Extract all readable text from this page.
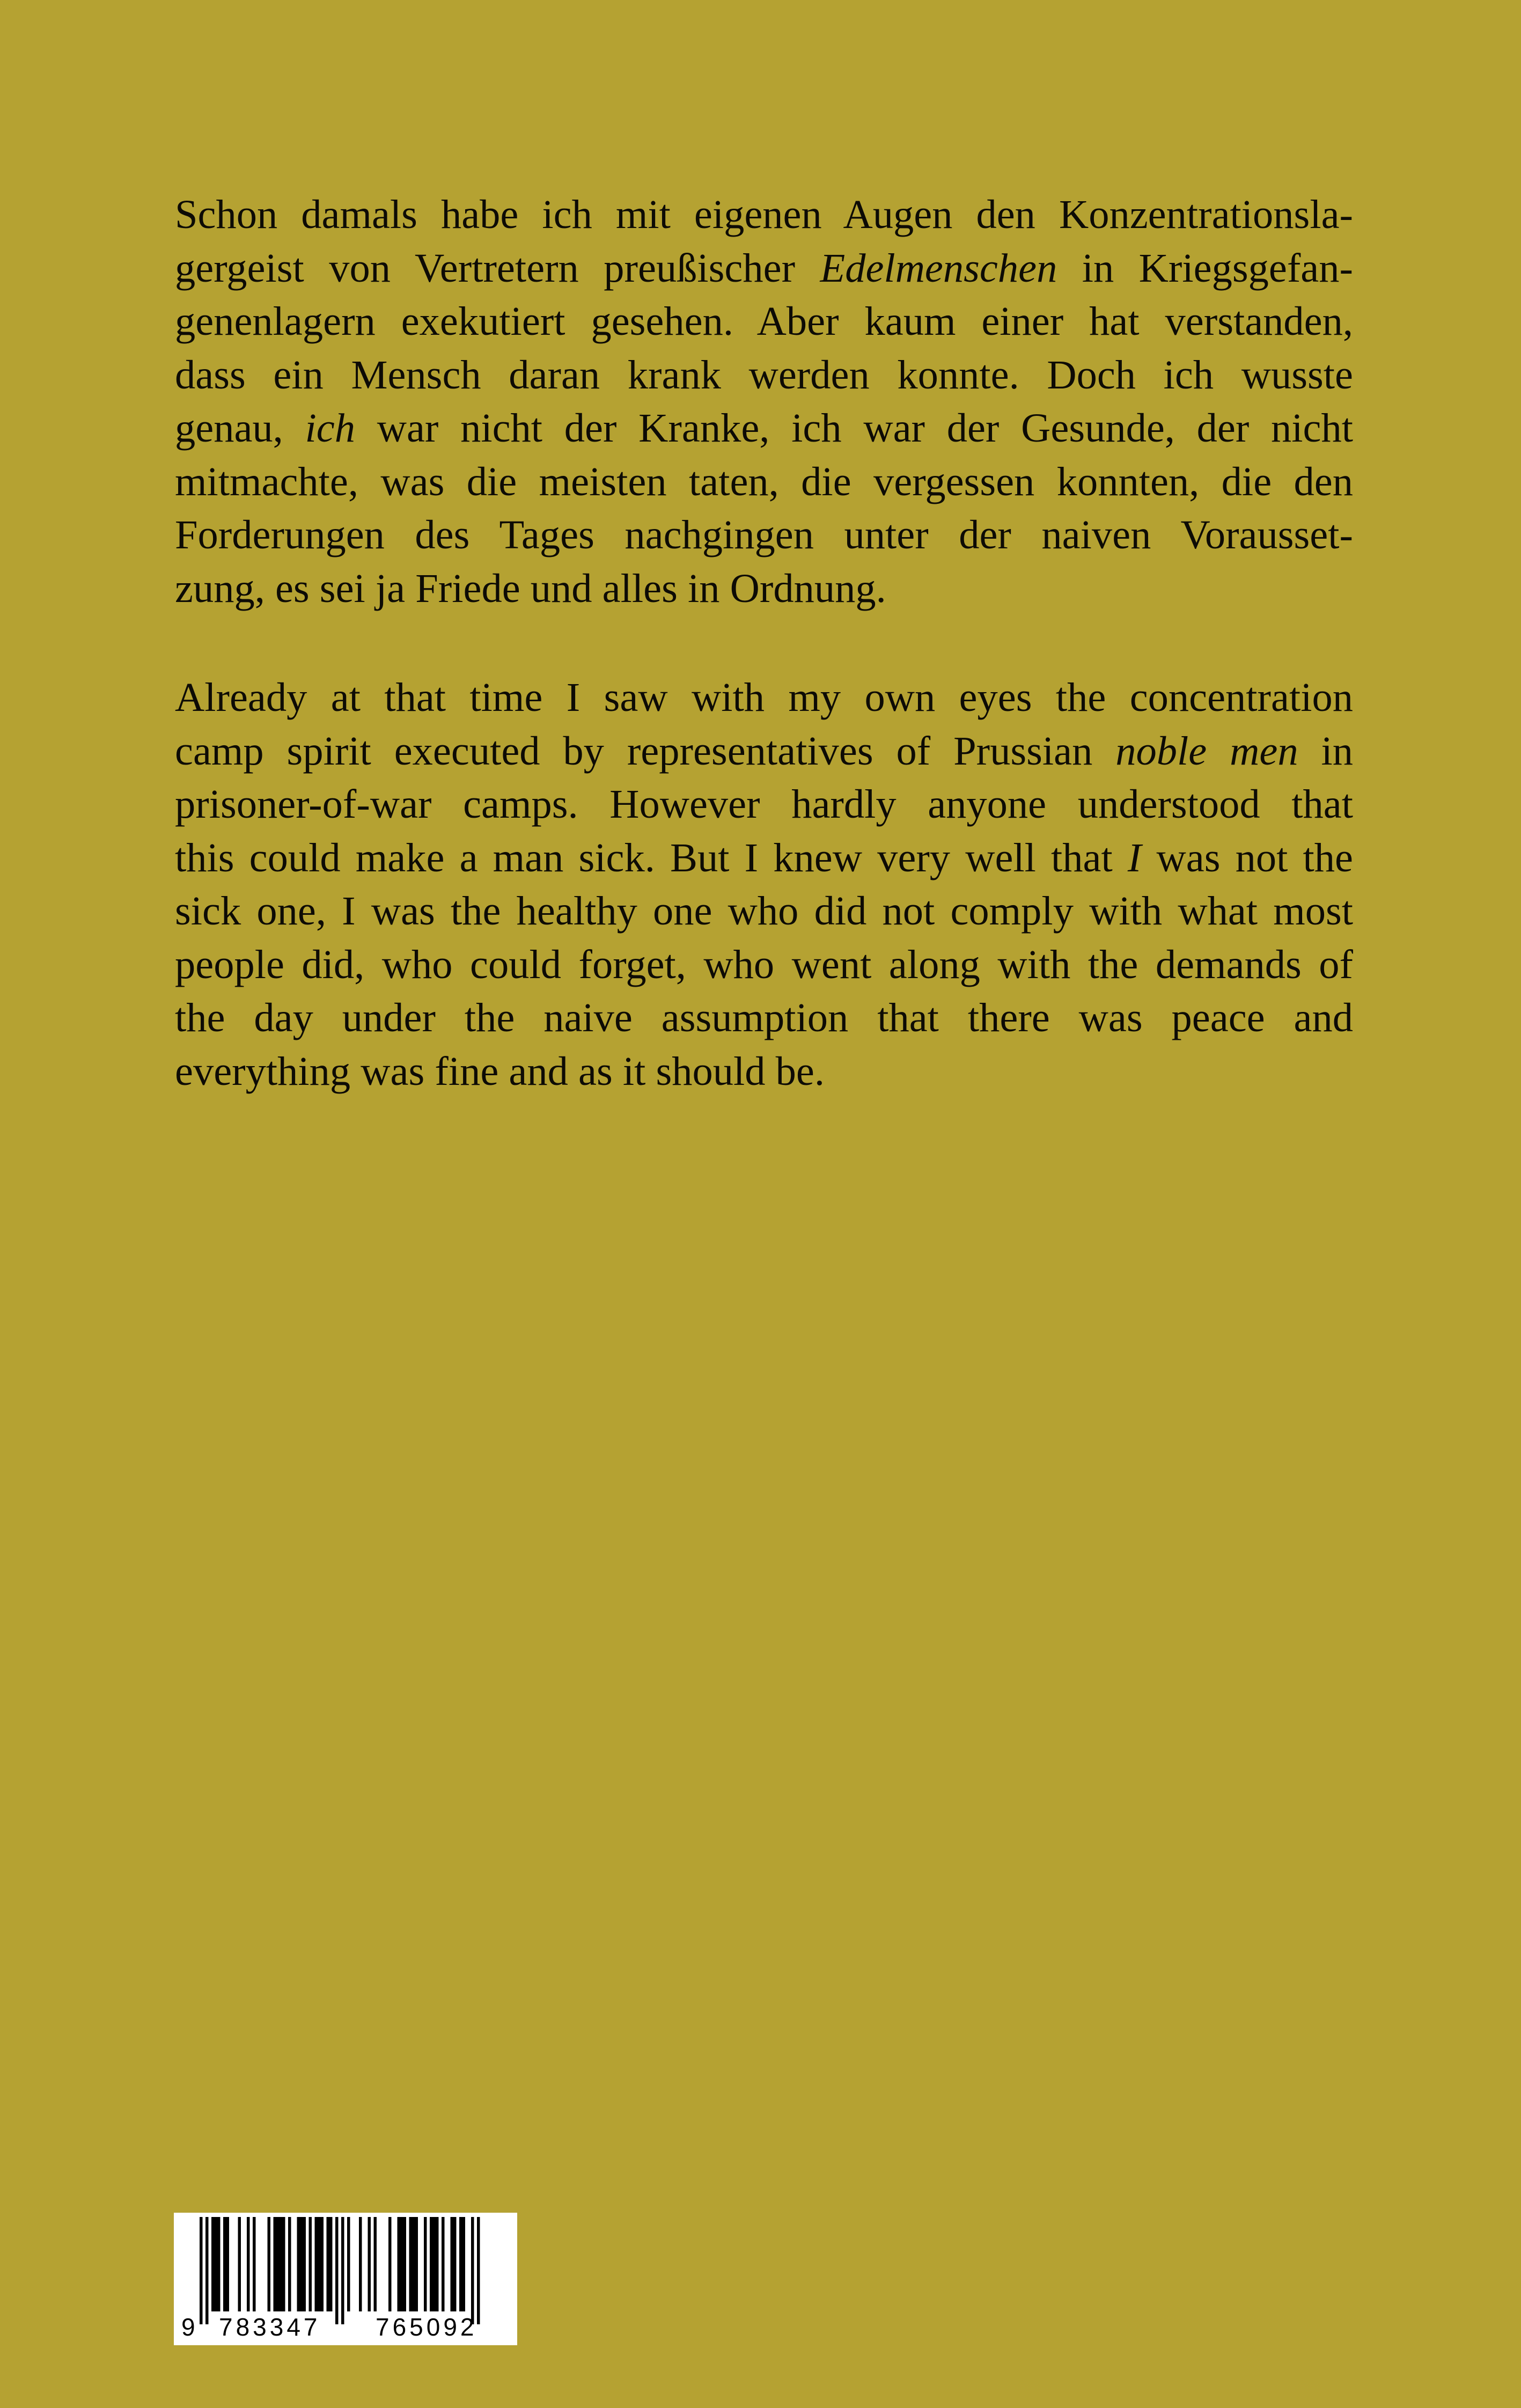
Schon damals habe ich mit eigenen Augen den Konzentrationsla-
gergeist von Vertretern preußischer Edelmenschen in Kriegsgefan-
genenlagern exekutiert gesehen. Aber kaum einer hat verstanden,
dass ein Mensch daran krank werden konnte. Doch ich wusste
genau, ich war nicht der Kranke, ich war der Gesunde, der nicht
mitmachte, was die meisten taten, die vergessen konnten, die den
Forderungen des Tages nachgingen unter der naiven Vorausset-
zung, es sei ja Friede und alles in Ordnung.
Already at that time I saw with my own eyes the concentration
camp spirit executed by representatives of Prussian noble men in
prisoner-of-war camps. However hardly anyone understood that
this could make a man sick. But I knew very well that I was not the
sick one, I was the healthy one who did not comply with what most
people did, who could forget, who went along with the demands of
the day under the naive assumption that there was peace and
everything was fine and as it should be.
9 783347 765092
